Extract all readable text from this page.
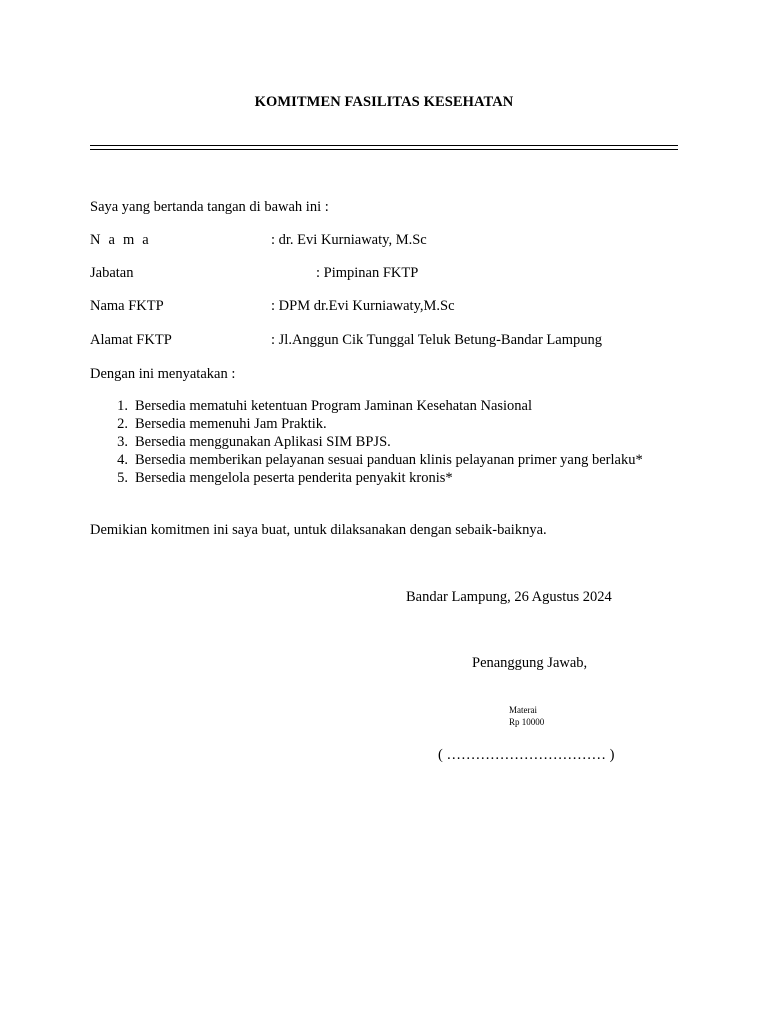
KOMITMEN FASILITAS KESEHATAN
Saya yang bertanda tangan di bawah ini :
N a m a	: dr. Evi Kurniawaty, M.Sc
Jabatan	: Pimpinan FKTP
Nama FKTP	: DPM dr.Evi Kurniawaty,M.Sc
Alamat FKTP	: Jl.Anggun Cik Tunggal Teluk Betung-Bandar Lampung
Dengan ini menyatakan :
1. Bersedia mematuhi ketentuan Program Jaminan Kesehatan Nasional
2. Bersedia memenuhi Jam Praktik.
3. Bersedia menggunakan Aplikasi SIM BPJS.
4. Bersedia memberikan pelayanan sesuai panduan klinis pelayanan primer yang berlaku*
5. Bersedia mengelola peserta penderita penyakit kronis*
Demikian komitmen ini saya buat, untuk dilaksanakan dengan sebaik-baiknya.
Bandar Lampung, 26 Agustus 2024
Penanggung Jawab,
Materai
Rp 10000
( …………………………… )
